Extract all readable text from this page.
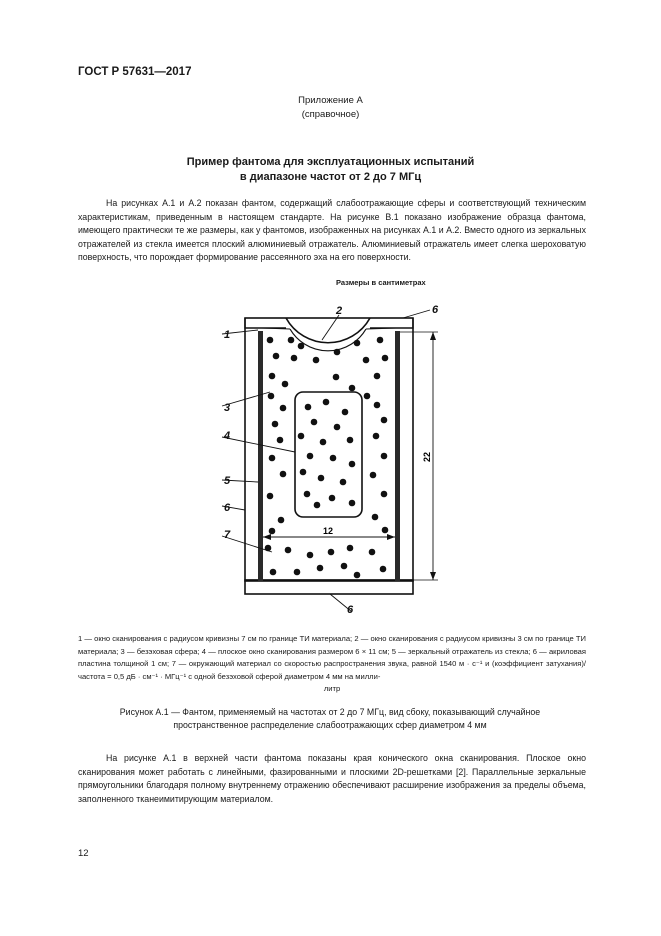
ГОСТ Р 57631—2017
Приложение А
(справочное)
Пример фантома для эксплуатационных испытаний
в диапазоне частот от 2 до 7 МГц
На рисунках А.1 и А.2 показан фантом, содержащий слабоотражающие сферы и соответствующий техническим характеристикам, приведенным в настоящем стандарте. На рисунке В.1 показано изображение образца фантома, имеющего практически те же размеры, как у фантомов, изображенных на рисунках А.1 и А.2. Вместо одного из зеркальных отражателей из стекла имеется плоский алюминиевый отражатель. Алюминиевый отражатель имеет слегка шероховатую поверхность, что порождает формирование рассеянного эха на его поверхности.
Размеры в сантиметрах
22
12
1
2	6
3
4
5
6
7
6
1 — окно сканирования с радиусом кривизны 7 см по границе ТИ материала; 2 — окно сканирования с радиусом кривизны 3 см по границе ТИ материала; 3 — безэховая сфера; 4 — плоское окно сканирования размером 6 × 11 см; 5 — зеркальный отражатель из стекла; 6 — акриловая пластина толщиной 1 см; 7 — окружающий материал со скоростью распространения звука, равной 1540 м · с⁻¹ и (коэффициент затухания)/частота = 0,5 дБ · см⁻¹ · МГц⁻¹ с одной безэховой сферой диаметром 4 мм на милли-
литр
Рисунок А.1 — Фантом, применяемый на частотах от 2 до 7 МГц, вид сбоку, показывающий случайное
пространственное распределение слабоотражающих сфер диаметром 4 мм
На рисунке А.1 в верхней части фантома показаны края конического окна сканирования. Плоское окно сканирования может работать с линейными, фазированными и плоскими 2D-решетками [2]. Параллельные зеркальные прямоугольники благодаря полному внутреннему отражению обеспечивают расширение изображения за пределы объема, заполненного тканеимитирующим материалом.
12
